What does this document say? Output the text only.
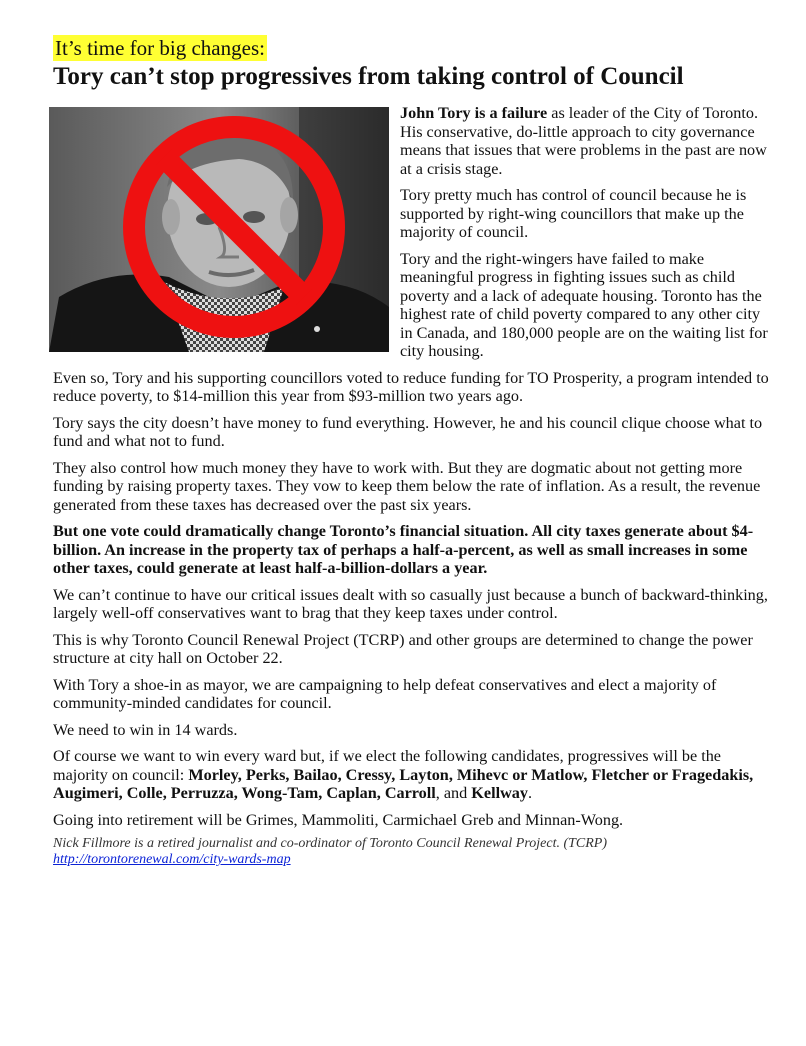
It’s time for big changes:
Tory can’t stop progressives from taking control of Council

John Tory is a failure as leader of the City of Toronto. His conservative, do-little approach to city governance means that issues that were problems in the past are now at a crisis stage.

Tory pretty much has control of council because he is supported by right-wing councillors that make up the majority of council.

Tory and the right-wingers have failed to make meaningful progress in fighting issues such as child poverty and a lack of adequate housing. Toronto has the highest rate of child poverty compared to any other city in Canada, and 180,000 people are on the waiting list for city housing.

Even so, Tory and his supporting councillors voted to reduce funding for TO Prosperity, a program intended to reduce poverty, to $14-million this year from $93-million two years ago.

Tory says the city doesn’t have money to fund everything. However, he and his council clique choose what to fund and what not to fund.

They also control how much money they have to work with. But they are dogmatic about not getting more funding by raising property taxes. They vow to keep them below the rate of inflation. As a result, the revenue generated from these taxes has decreased over the past six years.

But one vote could dramatically change Toronto’s financial situation. All city taxes generate about $4-billion. An increase in the property tax of perhaps a half-a-percent, as well as small increases in some other taxes, could generate at least half-a-billion-dollars a year.

We can’t continue to have our critical issues dealt with so casually just because a bunch of backward-thinking, largely well-off conservatives want to brag that they keep taxes under control.

This is why Toronto Council Renewal Project (TCRP) and other groups are determined to change the power structure at city hall on October 22.

With Tory a shoe-in as mayor, we are campaigning to help defeat conservatives and elect a majority of community-minded candidates for council.

We need to win in 14 wards.

Of course we want to win every ward but, if we elect the following candidates, progressives will be the majority on council: Morley, Perks, Bailao, Cressy, Layton, Mihevc or Matlow, Fletcher or Fragedakis, Augimeri, Colle, Perruzza, Wong-Tam, Caplan, Carroll, and Kellway.

Going into retirement will be Grimes, Mammoliti, Carmichael Greb and Minnan-Wong.

Nick Fillmore is a retired journalist and co-ordinator of Toronto Council Renewal Project. (TCRP)
http://torontorenewal.com/city-wards-map
